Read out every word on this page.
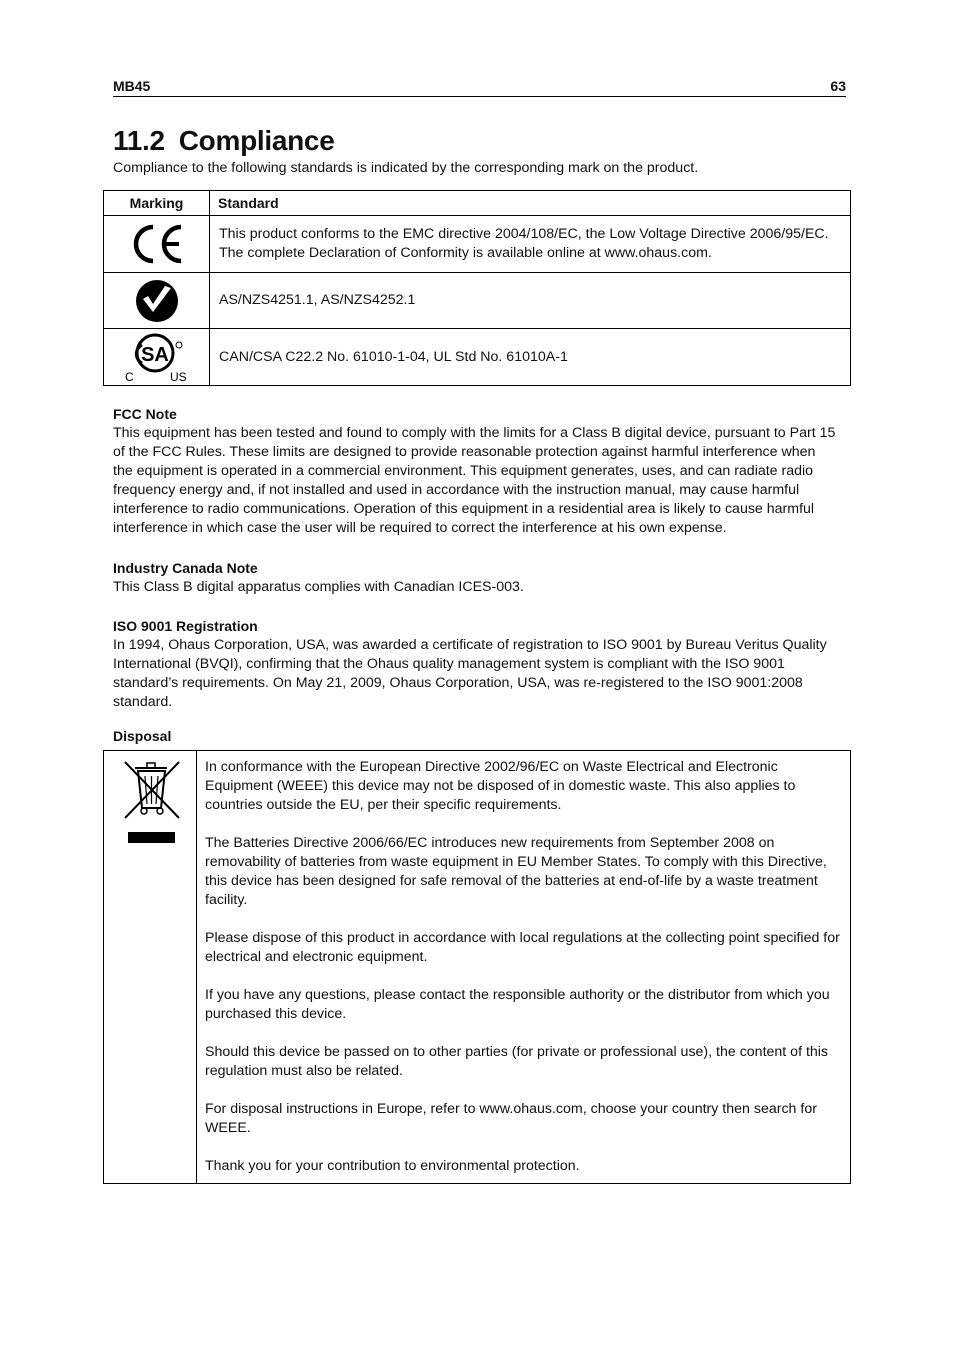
MB45	63
11.2 Compliance
Compliance to the following standards is indicated by the corresponding mark on the product.
Marking	Standard

	This product conforms to the EMC directive 2004/108/EC, the Low Voltage Directive 2006/95/EC. The complete Declaration of Conformity is available online at www.ohaus.com.

	AS/NZS4251.1, AS/NZS4252.1

SA
C US	CAN/CSA C22.2 No. 61010-1-04, UL Std No. 61010A-1
FCC Note

This equipment has been tested and found to comply with the limits for a Class B digital device, pursuant to Part 15 of the FCC Rules. These limits are designed to provide reasonable protection against harmful interference when the equipment is operated in a commercial environment. This equipment generates, uses, and can radiate radio frequency energy and, if not installed and used in accordance with the instruction manual, may cause harmful interference to radio communications. Operation of this equipment in a residential area is likely to cause harmful interference in which case the user will be required to correct the interference at his own expense.

Industry Canada Note

This Class B digital apparatus complies with Canadian ICES-003.

ISO 9001 Registration

In 1994, Ohaus Corporation, USA, was awarded a certificate of registration to ISO 9001 by Bureau Veritus Quality International (BVQI), confirming that the Ohaus quality management system is compliant with the ISO 9001 standard’s requirements. On May 21, 2009, Ohaus Corporation, USA, was re-registered to the ISO 9001:2008 standard.

Disposal

In conformance with the European Directive 2002/96/EC on Waste Electrical and Electronic Equipment (WEEE) this device may not be disposed of in domestic waste. This also applies to countries outside the EU, per their specific requirements.

The Batteries Directive 2006/66/EC introduces new requirements from September 2008 on removability of batteries from waste equipment in EU Member States. To comply with this Directive, this device has been designed for safe removal of the batteries at end-of-life by a waste treatment facility.

Please dispose of this product in accordance with local regulations at the collecting point specified for electrical and electronic equipment.

If you have any questions, please contact the responsible authority or the distributor from which you purchased this device.

Should this device be passed on to other parties (for private or professional use), the content of this regulation must also be related.

For disposal instructions in Europe, refer to www.ohaus.com, choose your country then search for WEEE.

Thank you for your contribution to environmental protection.
